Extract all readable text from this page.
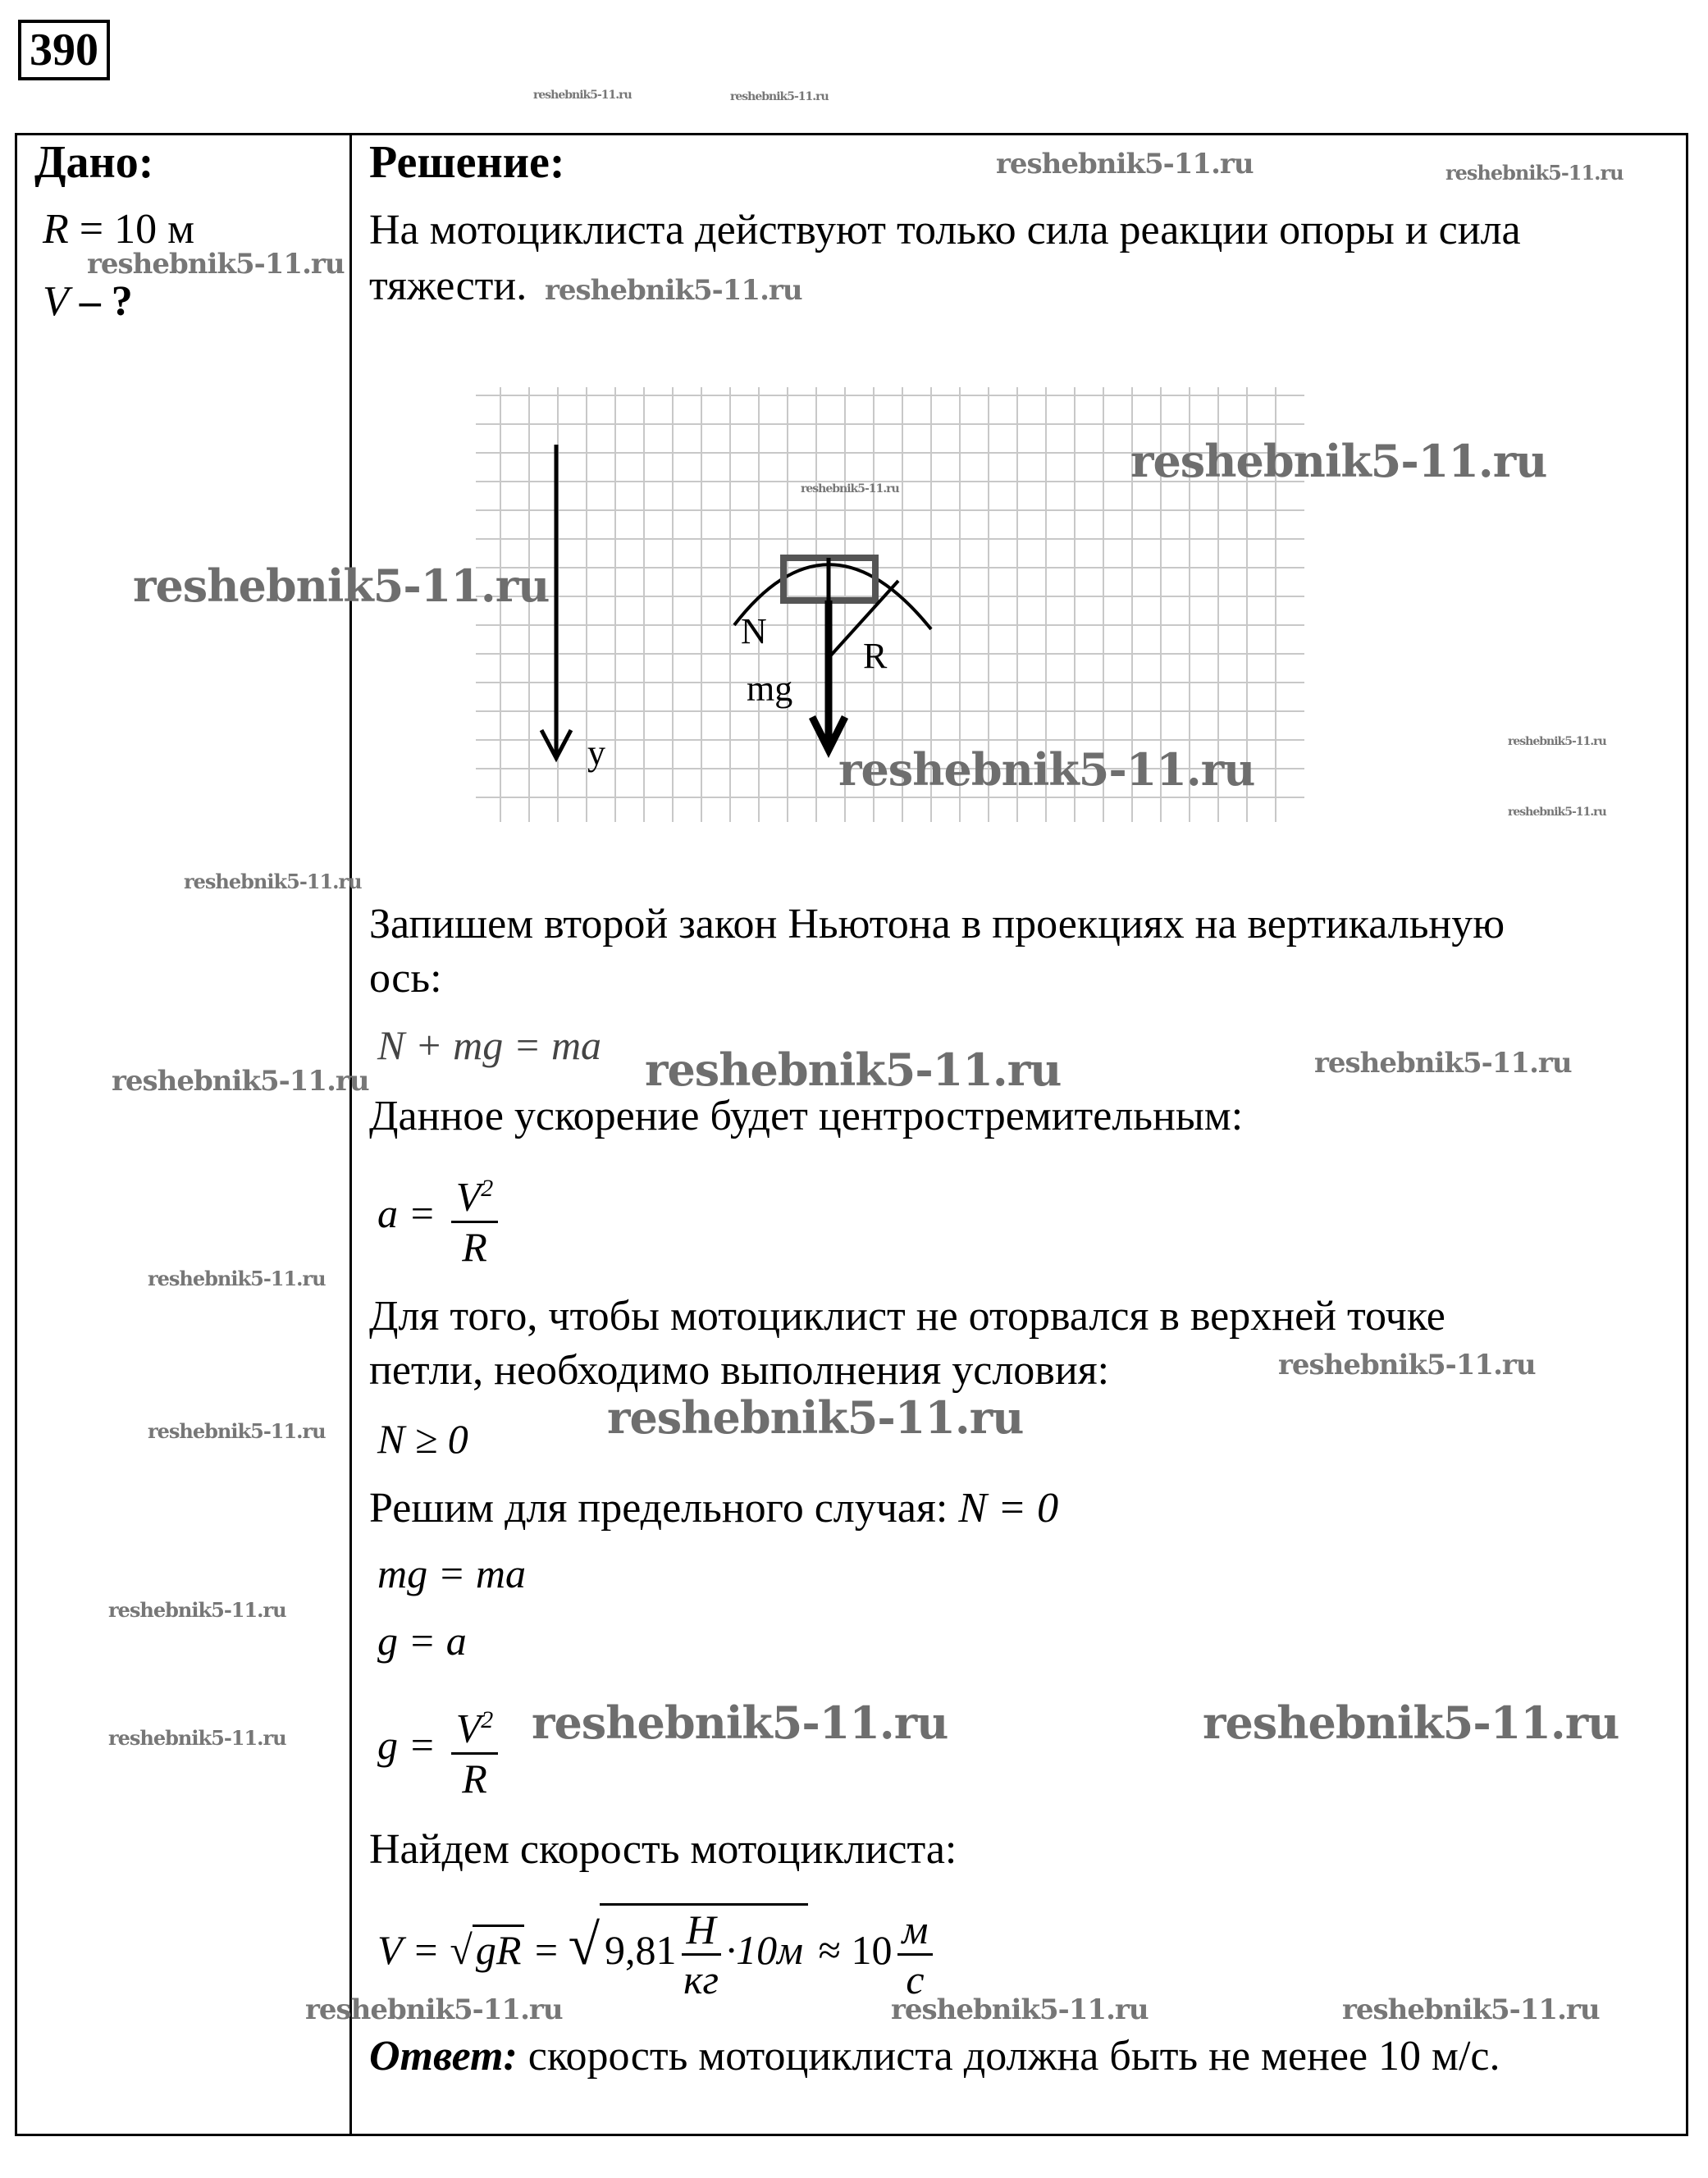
390
Дано:
R = 10 м
V – ?
Решение:
На мотоциклиста действуют только сила реакции опоры и сила
тяжести.
y
N
R
mg
Запишем второй закон Ньютона в проекциях на вертикальную
ось:
N + mg = ma
Данное ускорение будет центростремительным:
$a = \frac{V^2}{R}$
Для того, чтобы мотоциклист не оторвался в верхней точке
петли, необходимо выполнения условия:
N ≥ 0
Решим для предельного случая: N = 0
mg = ma
g = a
$g = \frac{V^2}{R}$
Найдем скорость мотоциклиста:
V = √gR = √ $9,81 \frac{Н}{кг} \cdot 10м \approx 10 \frac{м}{с}$
Ответ: скорость мотоциклиста должна быть не менее 10 м/с.
reshebnik5-11.ru	reshebnik5-11.ru
reshebnik5-11.ru	reshebnik5-11.ru
reshebnik5-11.ru
reshebnik5-11.ru
reshebnik5-11.ru
reshebnik5-11.ru
reshebnik5-11.ru
reshebnik5-11.ru
reshebnik5-11.ru
reshebnik5-11.ru
reshebnik5-11.ru
reshebnik5-11.ru	reshebnik5-11.ru	reshebnik5-11.ru
reshebnik5-11.ru
reshebnik5-11.ru
reshebnik5-11.ru	reshebnik5-11.ru
reshebnik5-11.ru
reshebnik5-11.ru	reshebnik5-11.ru	reshebnik5-11.ru
reshebnik5-11.ru	reshebnik5-11.ru	reshebnik5-11.ru
